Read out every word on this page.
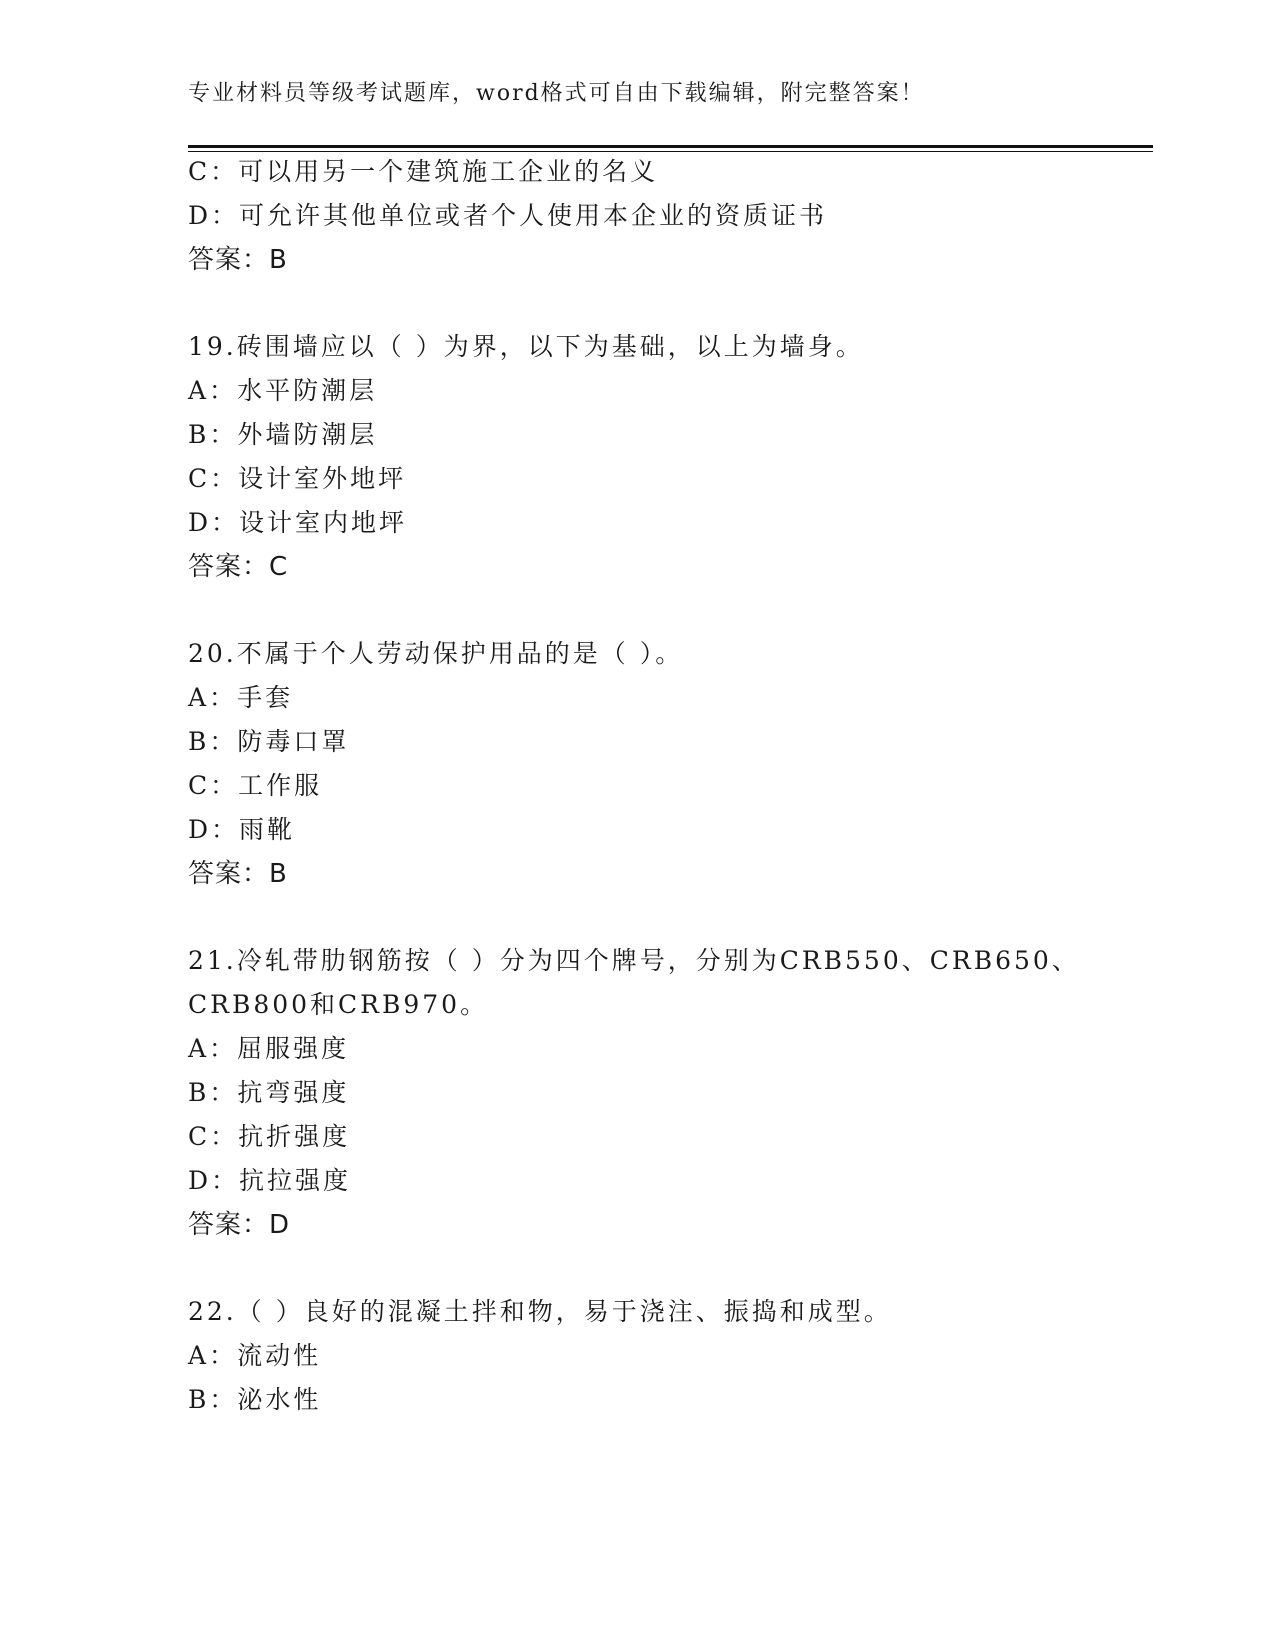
专业材料员等级考试题库，word格式可自由下载编辑，附完整答案！
C：可以用另一个建筑施工企业的名义
D：可允许其他单位或者个人使用本企业的资质证书
答案：B
19.砖围墙应以（ ）为界，以下为基础，以上为墙身。
A：水平防潮层
B：外墙防潮层
C：设计室外地坪
D：设计室内地坪
答案：C
20.不属于个人劳动保护用品的是（ ）。
A：手套
B：防毒口罩
C：工作服
D：雨靴
答案：B
21.冷轧带肋钢筋按（ ）分为四个牌号，分别为CRB550、CRB650、
CRB800和CRB970。
A：屈服强度
B：抗弯强度
C：抗折强度
D：抗拉强度
答案：D
22.（ ）良好的混凝土拌和物，易于浇注、振捣和成型。
A：流动性
B：泌水性
